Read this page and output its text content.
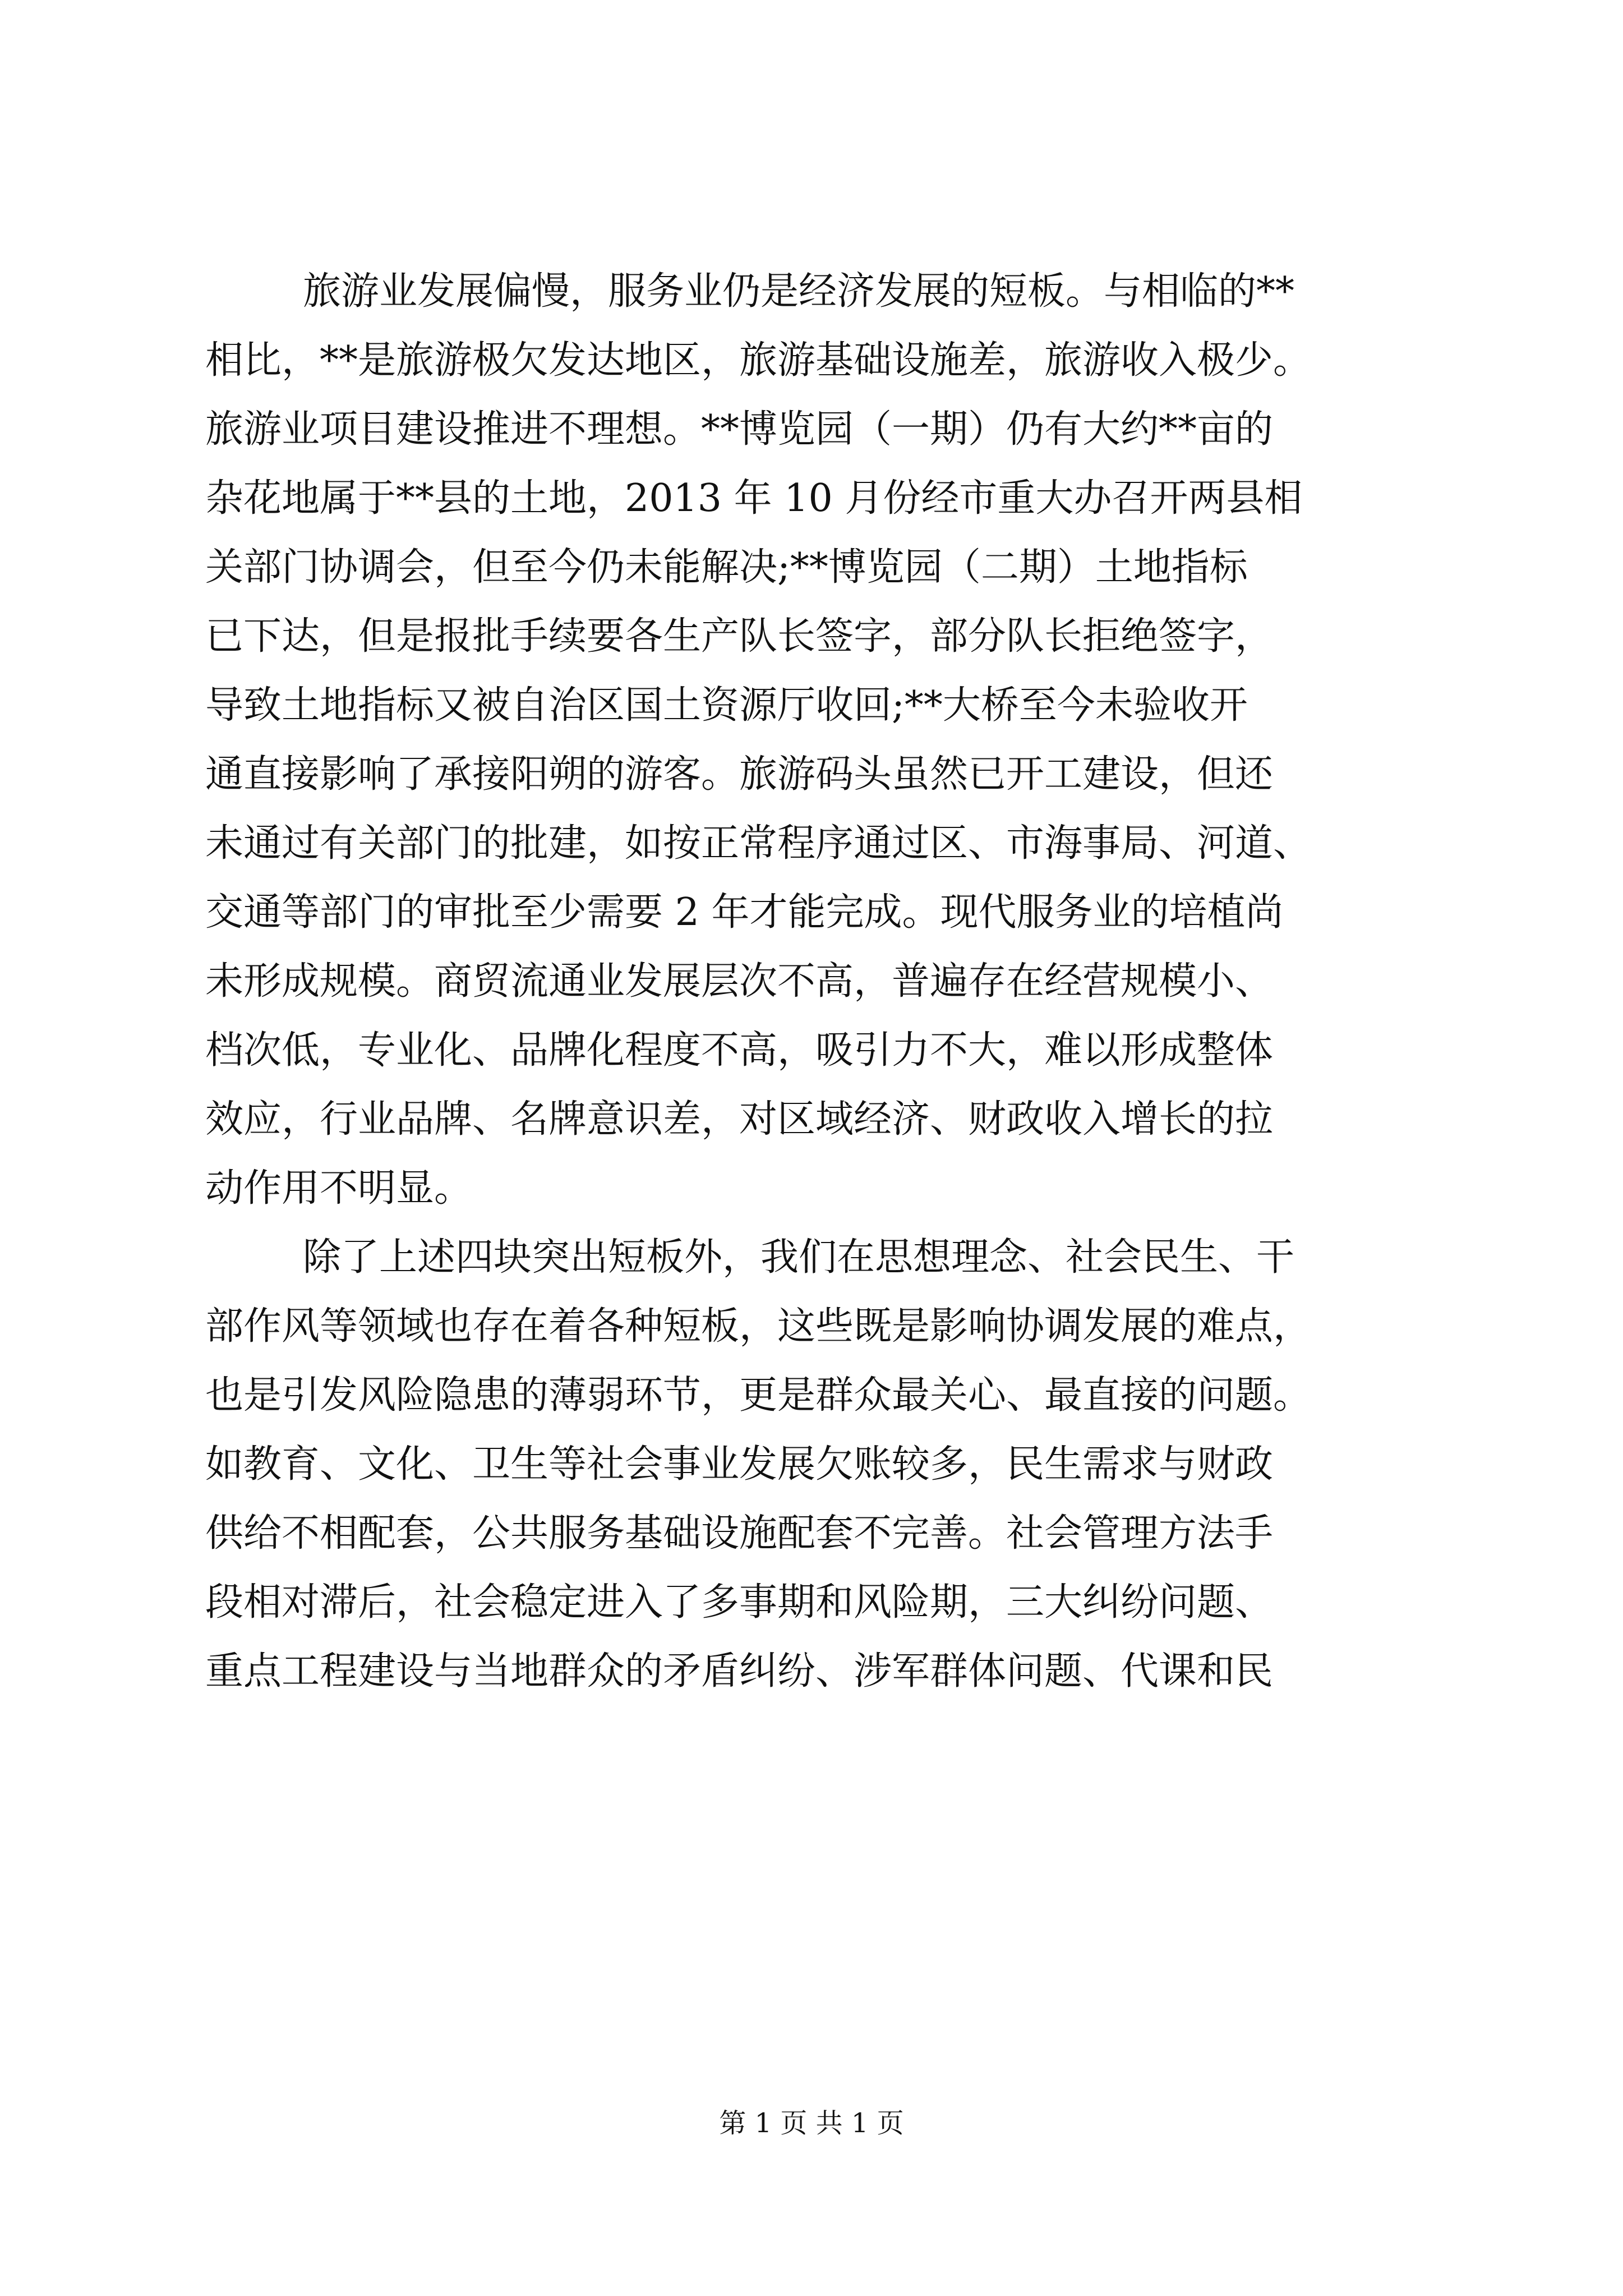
旅游业发展偏慢，服务业仍是经济发展的短板。与相临的**
相比，**是旅游极欠发达地区，旅游基础设施差，旅游收入极少。
旅游业项目建设推进不理想。**博览园（一期）仍有大约**亩的
杂花地属于**县的土地，2013 年 10 月份经市重大办召开两县相
关部门协调会，但至今仍未能解决;**博览园（二期）土地指标
已下达，但是报批手续要各生产队长签字，部分队长拒绝签字，
导致土地指标又被自治区国土资源厅收回;**大桥至今未验收开
通直接影响了承接阳朔的游客。旅游码头虽然已开工建设，但还
未通过有关部门的批建，如按正常程序通过区、市海事局、河道、
交通等部门的审批至少需要 2 年才能完成。现代服务业的培植尚
未形成规模。商贸流通业发展层次不高，普遍存在经营规模小、
档次低，专业化、品牌化程度不高，吸引力不大，难以形成整体
效应，行业品牌、名牌意识差，对区域经济、财政收入增长的拉
动作用不明显。
除了上述四块突出短板外，我们在思想理念、社会民生、干
部作风等领域也存在着各种短板，这些既是影响协调发展的难点，
也是引发风险隐患的薄弱环节，更是群众最关心、最直接的问题。
如教育、文化、卫生等社会事业发展欠账较多，民生需求与财政
供给不相配套，公共服务基础设施配套不完善。社会管理方法手
段相对滞后，社会稳定进入了多事期和风险期，三大纠纷问题、
重点工程建设与当地群众的矛盾纠纷、涉军群体问题、代课和民
第 1 页 共 1 页
